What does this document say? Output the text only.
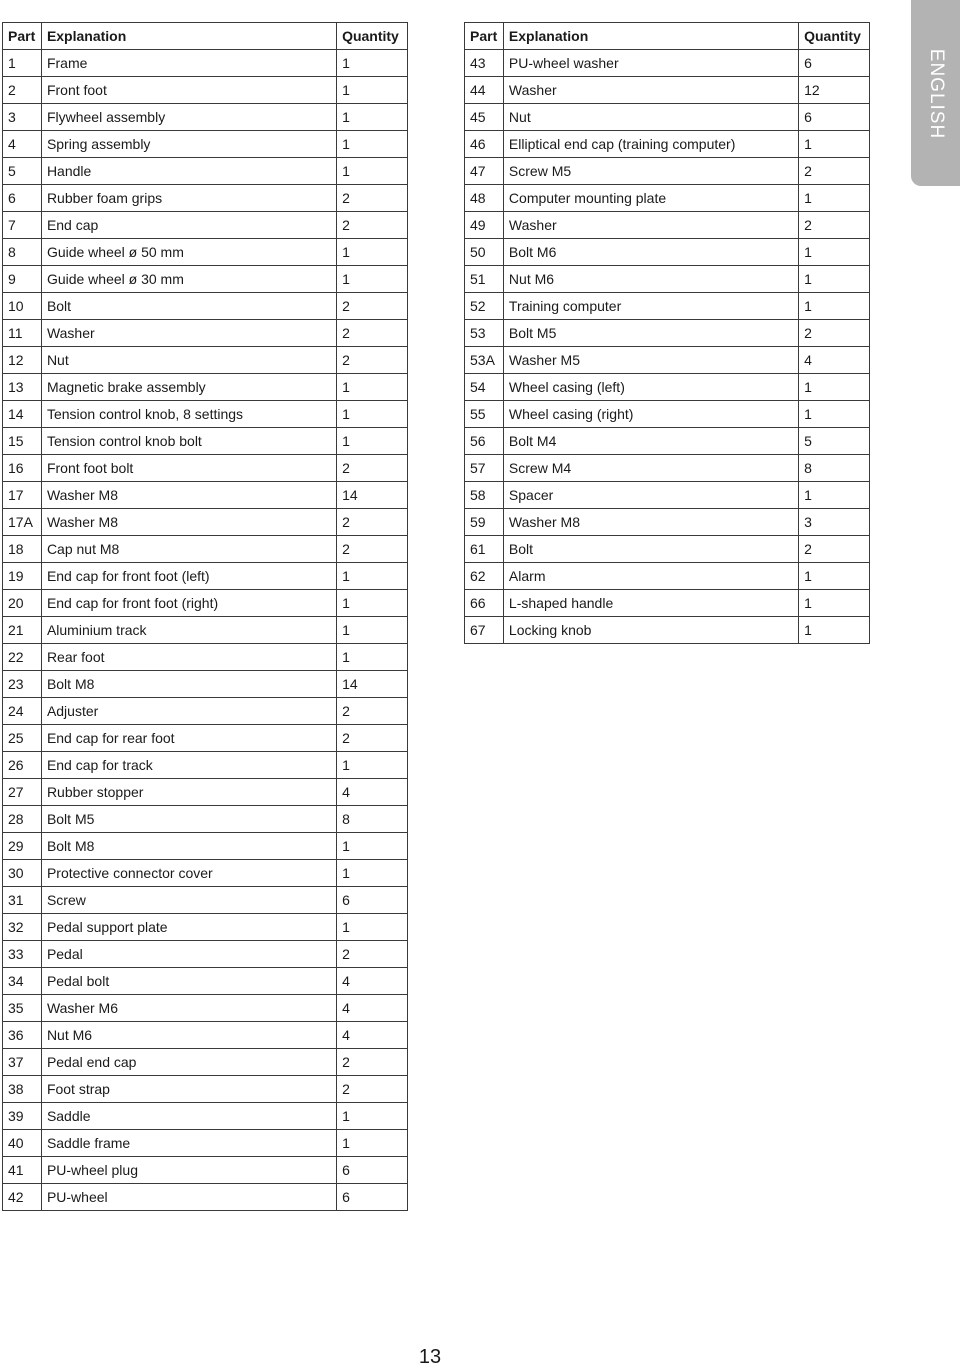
Part	Explanation	Quantity
1	Frame	1
2	Front foot	1
3	Flywheel assembly	1
4	Spring assembly	1
5	Handle	1
6	Rubber foam grips	2
7	End cap	2
8	Guide wheel ø 50 mm	1
9	Guide wheel ø 30 mm	1
10	Bolt	2
11	Washer	2
12	Nut	2
13	Magnetic brake assembly	1
14	Tension control knob, 8 settings	1
15	Tension control knob bolt	1
16	Front foot bolt	2
17	Washer M8	14
17A	Washer M8	2
18	Cap nut M8	2
19	End cap for front foot (left)	1
20	End cap for front foot (right)	1
21	Aluminium track	1
22	Rear foot	1
23	Bolt M8	14
24	Adjuster	2
25	End cap for rear foot	2
26	End cap for track	1
27	Rubber stopper	4
28	Bolt M5	8
29	Bolt M8	1
30	Protective connector cover	1
31	Screw	6
32	Pedal support plate	1
33	Pedal	2
34	Pedal bolt	4
35	Washer M6	4
36	Nut M6	4
37	Pedal end cap	2
38	Foot strap	2
39	Saddle	1
40	Saddle frame	1
41	PU-wheel plug	6
42	PU-wheel	6
Part	Explanation	Quantity
43	PU-wheel washer	6
44	Washer	12
45	Nut	6
46	Elliptical end cap (training computer)	1
47	Screw M5	2
48	Computer mounting plate	1
49	Washer	2
50	Bolt M6	1
51	Nut M6	1
52	Training computer	1
53	Bolt M5	2
53A	Washer M5	4
54	Wheel casing (left)	1
55	Wheel casing (right)	1
56	Bolt M4	5
57	Screw M4	8
58	Spacer	1
59	Washer M8	3
61	Bolt	2
62	Alarm	1
66	L-shaped handle	1
67	Locking knob	1
ENGLISH
13
